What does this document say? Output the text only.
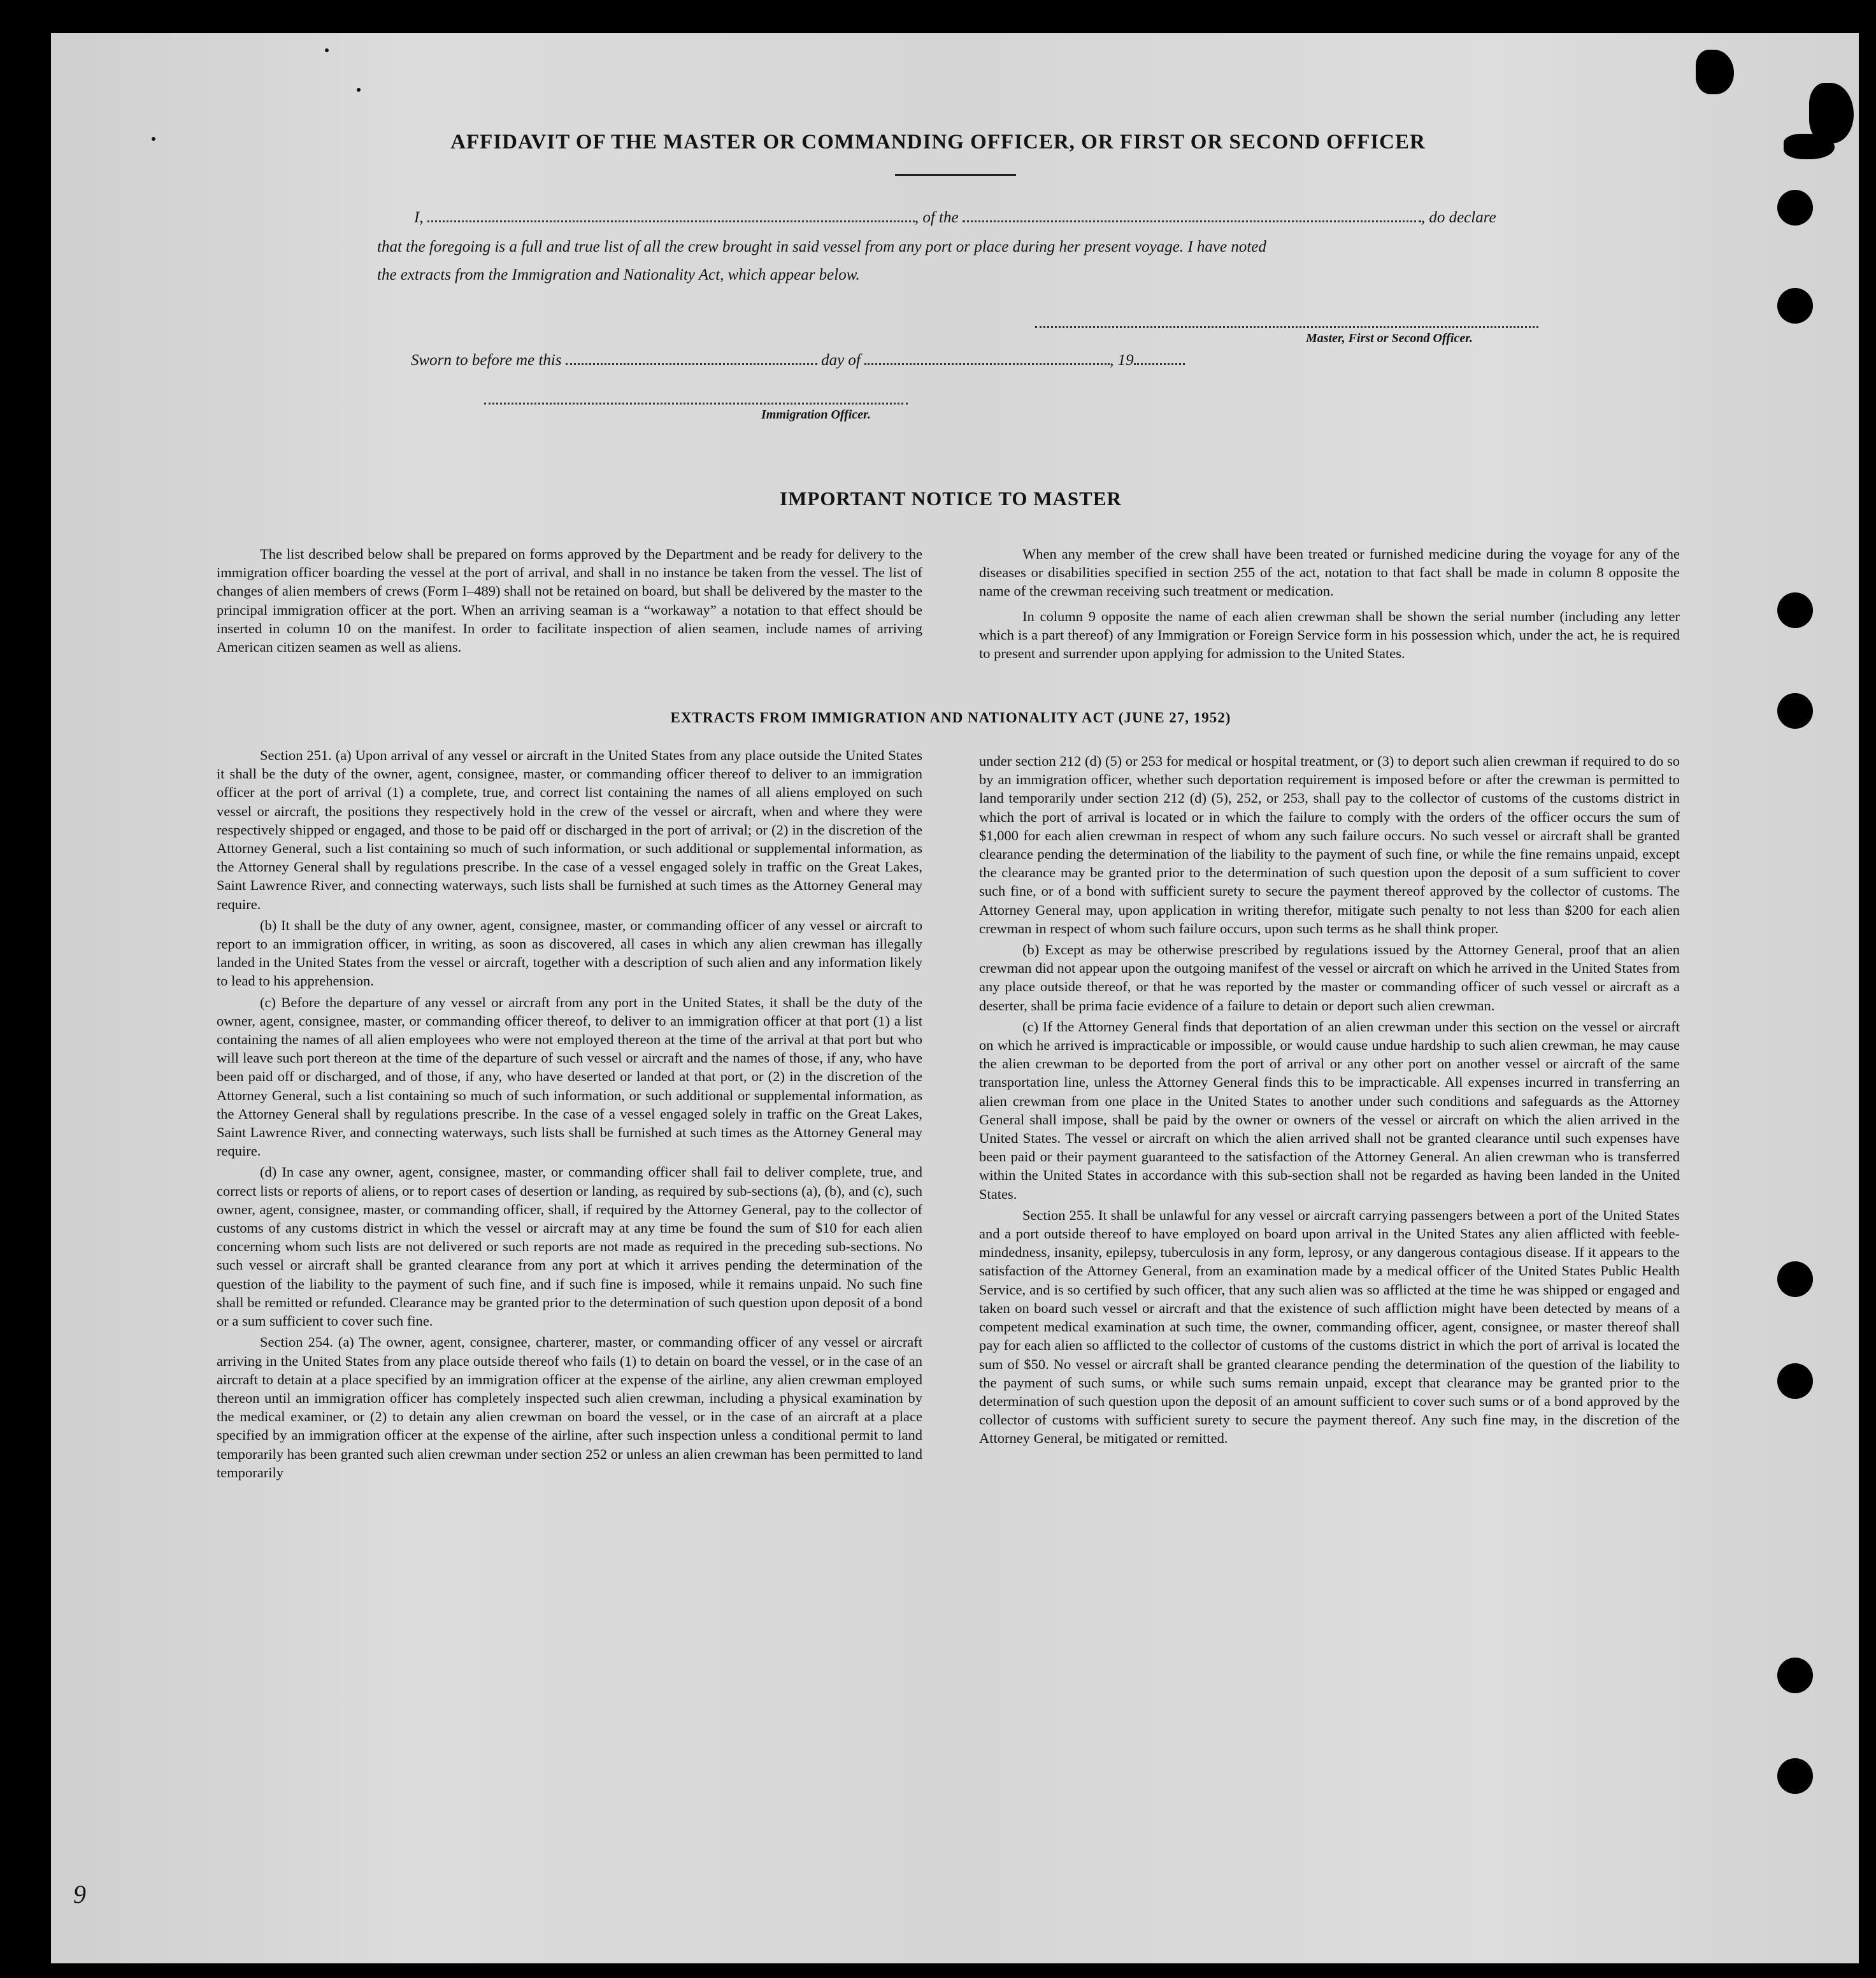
AFFIDAVIT OF THE MASTER OR COMMANDING OFFICER, OR FIRST OR SECOND OFFICER
I,	, of the	, do declare
that the foregoing is a full and true list of all the crew brought in said vessel from any port or place during her present voyage. I have noted
the extracts from the Immigration and Nationality Act, which appear below.
Master, First or Second Officer.
Sworn to before me this	day of	, 19
Immigration Officer.
IMPORTANT NOTICE TO MASTER

The list described below shall be prepared on forms approved by the Department and be ready for delivery to the immigration officer boarding the vessel at the port of arrival, and shall in no instance be taken from the vessel. The list of changes of alien members of crews (Form I–489) shall not be retained on board, but shall be delivered by the master to the principal immigration officer at the port. When an arriving seaman is a “workaway” a notation to that effect should be inserted in column 10 on the manifest. In order to facilitate inspection of alien seamen, include names of arriving American citizen seamen as well as aliens.

When any member of the crew shall have been treated or furnished medicine during the voyage for any of the diseases or disabilities specified in section 255 of the act, notation to that fact shall be made in column 8 opposite the name of the crewman receiving such treatment or medication.

In column 9 opposite the name of each alien crewman shall be shown the serial number (including any letter which is a part thereof) of any Immigration or Foreign Service form in his possession which, under the act, he is required to present and surrender upon applying for admission to the United States.

EXTRACTS FROM IMMIGRATION AND NATIONALITY ACT (JUNE 27, 1952)

Section 251. (a) Upon arrival of any vessel or aircraft in the United States from any place outside the United States it shall be the duty of the owner, agent, consignee, master, or commanding officer thereof to deliver to an immigration officer at the port of arrival (1) a complete, true, and correct list containing the names of all aliens employed on such vessel or aircraft, the positions they respectively hold in the crew of the vessel or aircraft, when and where they were respectively shipped or engaged, and those to be paid off or discharged in the port of arrival; or (2) in the discretion of the Attorney General, such a list containing so much of such information, or such additional or supplemental information, as the Attorney General shall by regulations prescribe. In the case of a vessel engaged solely in traffic on the Great Lakes, Saint Lawrence River, and connecting waterways, such lists shall be furnished at such times as the Attorney General may require.

(b) It shall be the duty of any owner, agent, consignee, master, or commanding officer of any vessel or aircraft to report to an immigration officer, in writing, as soon as discovered, all cases in which any alien crewman has illegally landed in the United States from the vessel or aircraft, together with a description of such alien and any information likely to lead to his apprehension.

(c) Before the departure of any vessel or aircraft from any port in the United States, it shall be the duty of the owner, agent, consignee, master, or commanding officer thereof, to deliver to an immigration officer at that port (1) a list containing the names of all alien employees who were not employed thereon at the time of the arrival at that port but who will leave such port thereon at the time of the departure of such vessel or aircraft and the names of those, if any, who have been paid off or discharged, and of those, if any, who have deserted or landed at that port, or (2) in the discretion of the Attorney General, such a list containing so much of such information, or such additional or supplemental information, as the Attorney General shall by regulations prescribe. In the case of a vessel engaged solely in traffic on the Great Lakes, Saint Lawrence River, and connecting waterways, such lists shall be furnished at such times as the Attorney General may require.

(d) In case any owner, agent, consignee, master, or commanding officer shall fail to deliver complete, true, and correct lists or reports of aliens, or to report cases of desertion or landing, as required by sub-sections (a), (b), and (c), such owner, agent, consignee, master, or commanding officer, shall, if required by the Attorney General, pay to the collector of customs of any customs district in which the vessel or aircraft may at any time be found the sum of $10 for each alien concerning whom such lists are not delivered or such reports are not made as required in the preceding sub-sections. No such vessel or aircraft shall be granted clearance from any port at which it arrives pending the determination of the question of the liability to the payment of such fine, and if such fine is imposed, while it remains unpaid. No such fine shall be remitted or refunded. Clearance may be granted prior to the determination of such question upon deposit of a bond or a sum sufficient to cover such fine.

Section 254. (a) The owner, agent, consignee, charterer, master, or commanding officer of any vessel or aircraft arriving in the United States from any place outside thereof who fails (1) to detain on board the vessel, or in the case of an aircraft to detain at a place specified by an immigration officer at the expense of the airline, any alien crewman employed thereon until an immigration officer has completely inspected such alien crewman, including a physical examination by the medical examiner, or (2) to detain any alien crewman on board the vessel, or in the case of an aircraft at a place specified by an immigration officer at the expense of the airline, after such inspection unless a conditional permit to land temporarily has been granted such alien crewman under section 252 or unless an alien crewman has been permitted to land temporarily

under section 212 (d) (5) or 253 for medical or hospital treatment, or (3) to deport such alien crewman if required to do so by an immigration officer, whether such deportation requirement is imposed before or after the crewman is permitted to land temporarily under section 212 (d) (5), 252, or 253, shall pay to the collector of customs of the customs district in which the port of arrival is located or in which the failure to comply with the orders of the officer occurs the sum of $1,000 for each alien crewman in respect of whom any such failure occurs. No such vessel or aircraft shall be granted clearance pending the determination of the liability to the payment of such fine, or while the fine remains unpaid, except the clearance may be granted prior to the determination of such question upon the deposit of a sum sufficient to cover such fine, or of a bond with sufficient surety to secure the payment thereof approved by the collector of customs. The Attorney General may, upon application in writing therefor, mitigate such penalty to not less than $200 for each alien crewman in respect of whom such failure occurs, upon such terms as he shall think proper.

(b) Except as may be otherwise prescribed by regulations issued by the Attorney General, proof that an alien crewman did not appear upon the outgoing manifest of the vessel or aircraft on which he arrived in the United States from any place outside thereof, or that he was reported by the master or commanding officer of such vessel or aircraft as a deserter, shall be prima facie evidence of a failure to detain or deport such alien crewman.

(c) If the Attorney General finds that deportation of an alien crewman under this section on the vessel or aircraft on which he arrived is impracticable or impossible, or would cause undue hardship to such alien crewman, he may cause the alien crewman to be deported from the port of arrival or any other port on another vessel or aircraft of the same transportation line, unless the Attorney General finds this to be impracticable. All expenses incurred in transferring an alien crewman from one place in the United States to another under such conditions and safeguards as the Attorney General shall impose, shall be paid by the owner or owners of the vessel or aircraft on which the alien arrived in the United States. The vessel or aircraft on which the alien arrived shall not be granted clearance until such expenses have been paid or their payment guaranteed to the satisfaction of the Attorney General. An alien crewman who is transferred within the United States in accordance with this sub-section shall not be regarded as having been landed in the United States.

Section 255. It shall be unlawful for any vessel or aircraft carrying passengers between a port of the United States and a port outside thereof to have employed on board upon arrival in the United States any alien afflicted with feeble-mindedness, insanity, epilepsy, tuberculosis in any form, leprosy, or any dangerous contagious disease. If it appears to the satisfaction of the Attorney General, from an examination made by a medical officer of the United States Public Health Service, and is so certified by such officer, that any such alien was so afflicted at the time he was shipped or engaged and taken on board such vessel or aircraft and that the existence of such affliction might have been detected by means of a competent medical examination at such time, the owner, commanding officer, agent, consignee, or master thereof shall pay for each alien so afflicted to the collector of customs of the customs district in which the port of arrival is located the sum of $50. No vessel or aircraft shall be granted clearance pending the determination of the question of the liability to the payment of such sums, or while such sums remain unpaid, except that clearance may be granted prior to the determination of such question upon the deposit of an amount sufficient to cover such sums or of a bond approved by the collector of customs with sufficient surety to secure the payment thereof. Any such fine may, in the discretion of the Attorney General, be mitigated or remitted.

9
